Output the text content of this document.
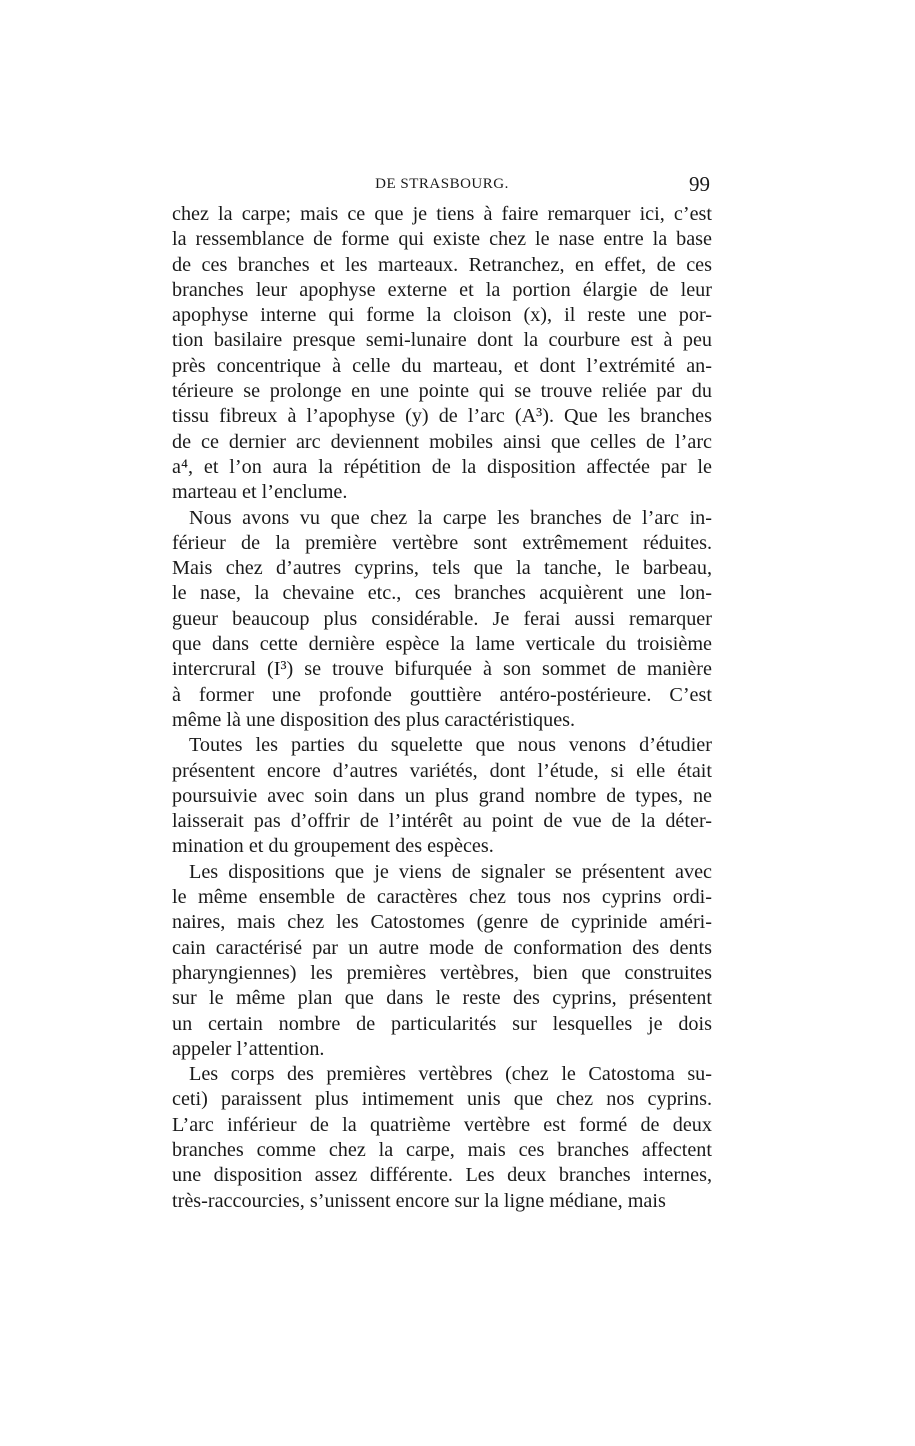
DE STRASBOURG.	99

chez la carpe; mais ce que je tiens à faire remarquer ici, c’est
la ressemblance de forme qui existe chez le nase entre la base
de ces branches et les marteaux. Retranchez, en effet, de ces
branches leur apophyse externe et la portion élargie de leur
apophyse interne qui forme la cloison (x), il reste une por-
tion basilaire presque semi-lunaire dont la courbure est à peu
près concentrique à celle du marteau, et dont l’extrémité an-
térieure se prolonge en une pointe qui se trouve reliée par du
tissu fibreux à l’apophyse (y) de l’arc (A³). Que les branches
de ce dernier arc deviennent mobiles ainsi que celles de l’arc
a⁴, et l’on aura la répétition de la disposition affectée par le
marteau et l’enclume.

Nous avons vu que chez la carpe les branches de l’arc in-
férieur de la première vertèbre sont extrêmement réduites.
Mais chez d’autres cyprins, tels que la tanche, le barbeau,
le nase, la chevaine etc., ces branches acquièrent une lon-
gueur beaucoup plus considérable. Je ferai aussi remarquer
que dans cette dernière espèce la lame verticale du troisième
intercrural (I³) se trouve bifurquée à son sommet de manière
à former une profonde gouttière antéro-postérieure. C’est
même là une disposition des plus caractéristiques.

Toutes les parties du squelette que nous venons d’étudier
présentent encore d’autres variétés, dont l’étude, si elle était
poursuivie avec soin dans un plus grand nombre de types, ne
laisserait pas d’offrir de l’intérêt au point de vue de la déter-
mination et du groupement des espèces.

Les dispositions que je viens de signaler se présentent avec
le même ensemble de caractères chez tous nos cyprins ordi-
naires, mais chez les Catostomes (genre de cyprinide améri-
cain caractérisé par un autre mode de conformation des dents
pharyngiennes) les premières vertèbres, bien que construites
sur le même plan que dans le reste des cyprins, présentent
un certain nombre de particularités sur lesquelles je dois
appeler l’attention.

Les corps des premières vertèbres (chez le Catostoma su-
ceti) paraissent plus intimement unis que chez nos cyprins.
L’arc inférieur de la quatrième vertèbre est formé de deux
branches comme chez la carpe, mais ces branches affectent
une disposition assez différente. Les deux branches internes,
très-raccourcies, s’unissent encore sur la ligne médiane, mais
